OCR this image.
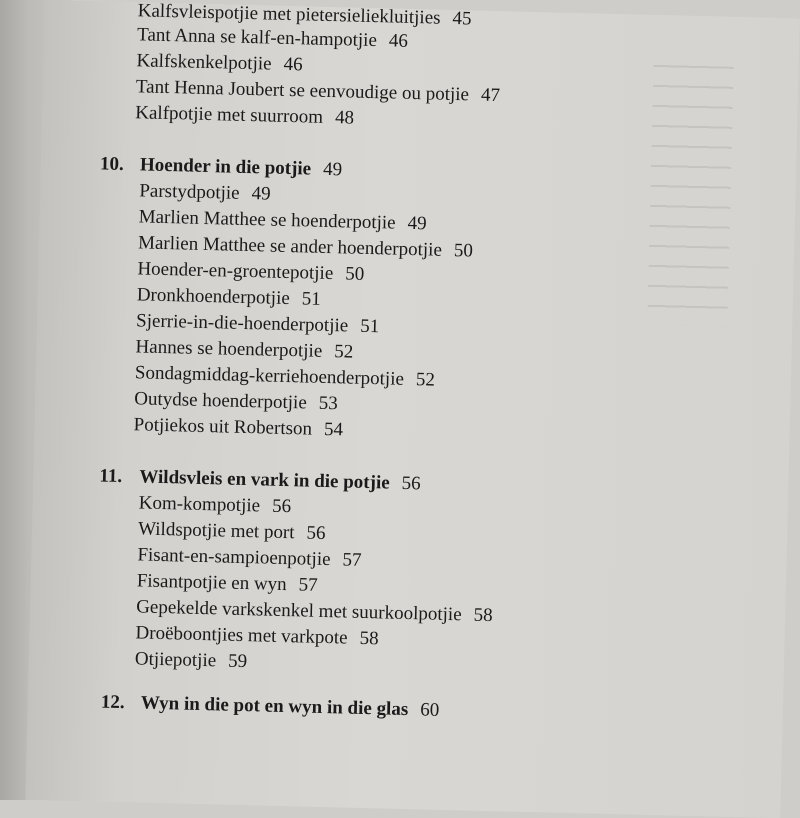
Kalfsvleispotjie met pietersieliekluitjies 45
Tant Anna se kalf-en-hampotjie 46
Kalfskenkelpotjie 46
Tant Henna Joubert se eenvoudige ou potjie 47
Kalfpotjie met suurroom 48
10. Hoender in die potjie 49
Parstydpotjie 49
Marlien Matthee se hoenderpotjie 49
Marlien Matthee se ander hoenderpotjie 50
Hoender-en-groentepotjie 50
Dronkhoenderpotjie 51
Sjerrie-in-die-hoenderpotjie 51
Hannes se hoenderpotjie 52
Sondagmiddag-kerriehoenderpotjie 52
Outydse hoenderpotjie 53
Potjiekos uit Robertson 54
11. Wildsvleis en vark in die potjie 56
Kom-kompotjie 56
Wildspotjie met port 56
Fisant-en-sampioenpotjie 57
Fisantpotjie en wyn 57
Gepekelde varkskenkel met suurkoolpotjie 58
Droëboontjies met varkpote 58
Otjiepotjie 59
12. Wyn in die pot en wyn in die glas 60
